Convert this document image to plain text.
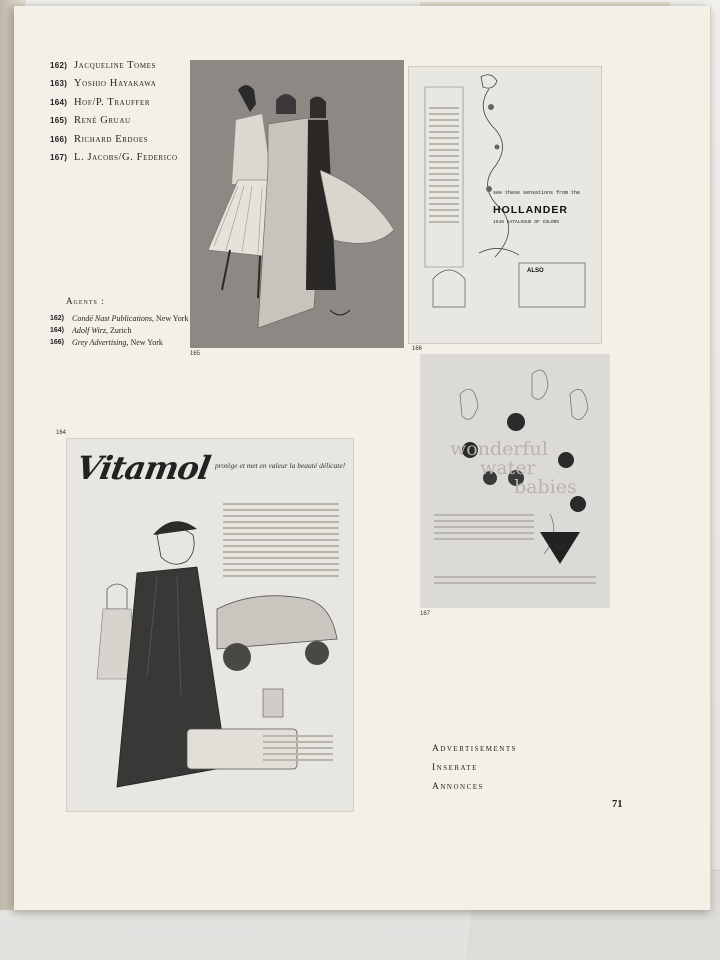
162) Jacqueline Tomes
163) Yoshio Hayakawa
164) Hof/P. Trauffer
165) René Gruau
166) Richard Erdoes
167) L. Jacobs/G. Federico
Agents :
162) Condé Nast Publications, New York
164) Adolf Wirz, Zurich
166) Grey Advertising, New York
165
see these sensations from the
HOLLANDER
1948 CATALOGUE OF COLORS
ALSO
166
164
Vitamol protège et met en valeur la beauté délicate!
wonderful
water
babies
167
Advertisements
Inserate
Annonces
71
